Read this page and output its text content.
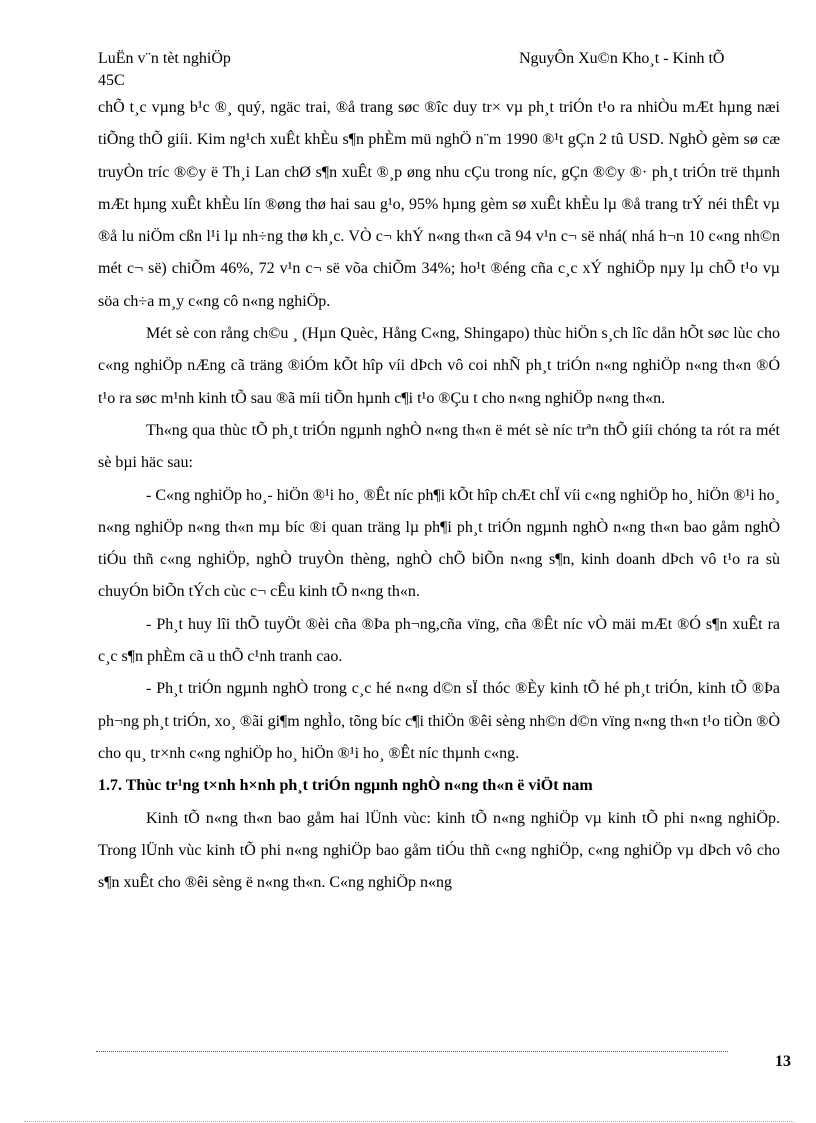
LuËn v¨n tèt nghiÖp	NguyÔn Xu©n Kho¸t - Kinh tÕ
45C

chÕ t¸c vµng b¹c ®¸ quý, ngäc trai, ®å trang søc ®îc duy tr× vµ ph¸t triÓn t¹o ra nhiÒu mÆt hµng næi tiÕng thÕ giíi. Kim ng¹ch xuÊt khÈu s¶n phÈm mü nghÖ n¨m 1990 ®¹t gÇn 2 tû USD. NghÒ gèm sø cæ truyÒn tríc ®©y ë Th¸i Lan chØ s¶n xuÊt ®¸p øng nhu cÇu trong níc, gÇn ®©y ®· ph¸t triÓn trë thµnh mÆt hµng xuÊt khÈu lín ®øng thø hai sau g¹o, 95% hµng gèm sø xuÊt khÈu lµ ®å trang trÝ néi thÊt vµ ®å lu niÖm cßn l¹i lµ nh÷ng thø kh¸c. VÒ c¬ khÝ n«ng th«n cã 94 v¹n c¬ së nhá( nhá h¬n 10 c«ng nh©n mét c¬ së) chiÕm 46%, 72 v¹n c¬ së võa chiÕm 34%; ho¹t ®éng cña c¸c xÝ nghiÖp nµy lµ chÕ t¹o vµ söa ch÷a m¸y c«ng cô n«ng nghiÖp.

Mét sè con rång ch©u ¸ (Hµn Quèc, Hång C«ng, Shingapo) thùc hiÖn s¸ch lîc dån hÕt søc lùc cho c«ng nghiÖp nÆng cã träng ®iÓm kÕt hîp víi dÞch vô coi nhÑ ph¸t triÓn n«ng nghiÖp n«ng th«n ®Ó t¹o ra søc m¹nh kinh tÕ sau ®ã míi tiÕn hµnh c¶i t¹o ®Çu t cho n«ng nghiÖp n«ng th«n.

Th«ng qua thùc tÕ ph¸t triÓn ngµnh nghÒ n«ng th«n ë mét sè níc trªn thÕ giíi chóng ta rót ra mét sè bµi häc sau:

- C«ng nghiÖp ho¸- hiÖn ®¹i ho¸ ®Êt níc ph¶i kÕt hîp chÆt chÏ víi c«ng nghiÖp ho¸ hiÖn ®¹i ho¸ n«ng nghiÖp n«ng th«n mµ bíc ®i quan träng lµ ph¶i ph¸t triÓn ngµnh nghÒ n«ng th«n bao gåm nghÒ tiÓu thñ c«ng nghiÖp, nghÒ truyÒn thèng, nghÒ chÕ biÕn n«ng s¶n, kinh doanh dÞch vô t¹o ra sù chuyÓn biÕn tÝch cùc c¬ cÊu kinh tÕ n«ng th«n.

- Ph¸t huy lîi thÕ tuyÖt ®èi cña ®Þa ph¬ng,cña vïng, cña ®Êt níc vÒ mäi mÆt ®Ó s¶n xuÊt ra c¸c s¶n phÈm cã u thÕ c¹nh tranh cao.

- Ph¸t triÓn ngµnh nghÒ trong c¸c hé n«ng d©n sÏ thóc ®Èy kinh tÕ hé ph¸t triÓn, kinh tÕ ®Þa ph¬ng ph¸t triÓn, xo¸ ®ãi gi¶m nghÌo, tõng bíc c¶i thiÖn ®êi sèng nh©n d©n vïng n«ng th«n t¹o tiÒn ®Ò cho qu¸ tr×nh c«ng nghiÖp ho¸ hiÖn ®¹i ho¸ ®Êt níc thµnh c«ng.

1.7. Thùc tr¹ng t×nh h×nh ph¸t triÓn ngµnh nghÒ n«ng th«n ë viÖt nam

Kinh tÕ n«ng th«n bao gåm hai lÜnh vùc: kinh tÕ n«ng nghiÖp vµ kinh tÕ phi n«ng nghiÖp. Trong lÜnh vùc kinh tÕ phi n«ng nghiÖp bao gåm tiÓu thñ c«ng nghiÖp, c«ng nghiÖp vµ dÞch vô cho s¶n xuÊt cho ®êi sèng ë n«ng th«n. C«ng nghiÖp n«ng

13
